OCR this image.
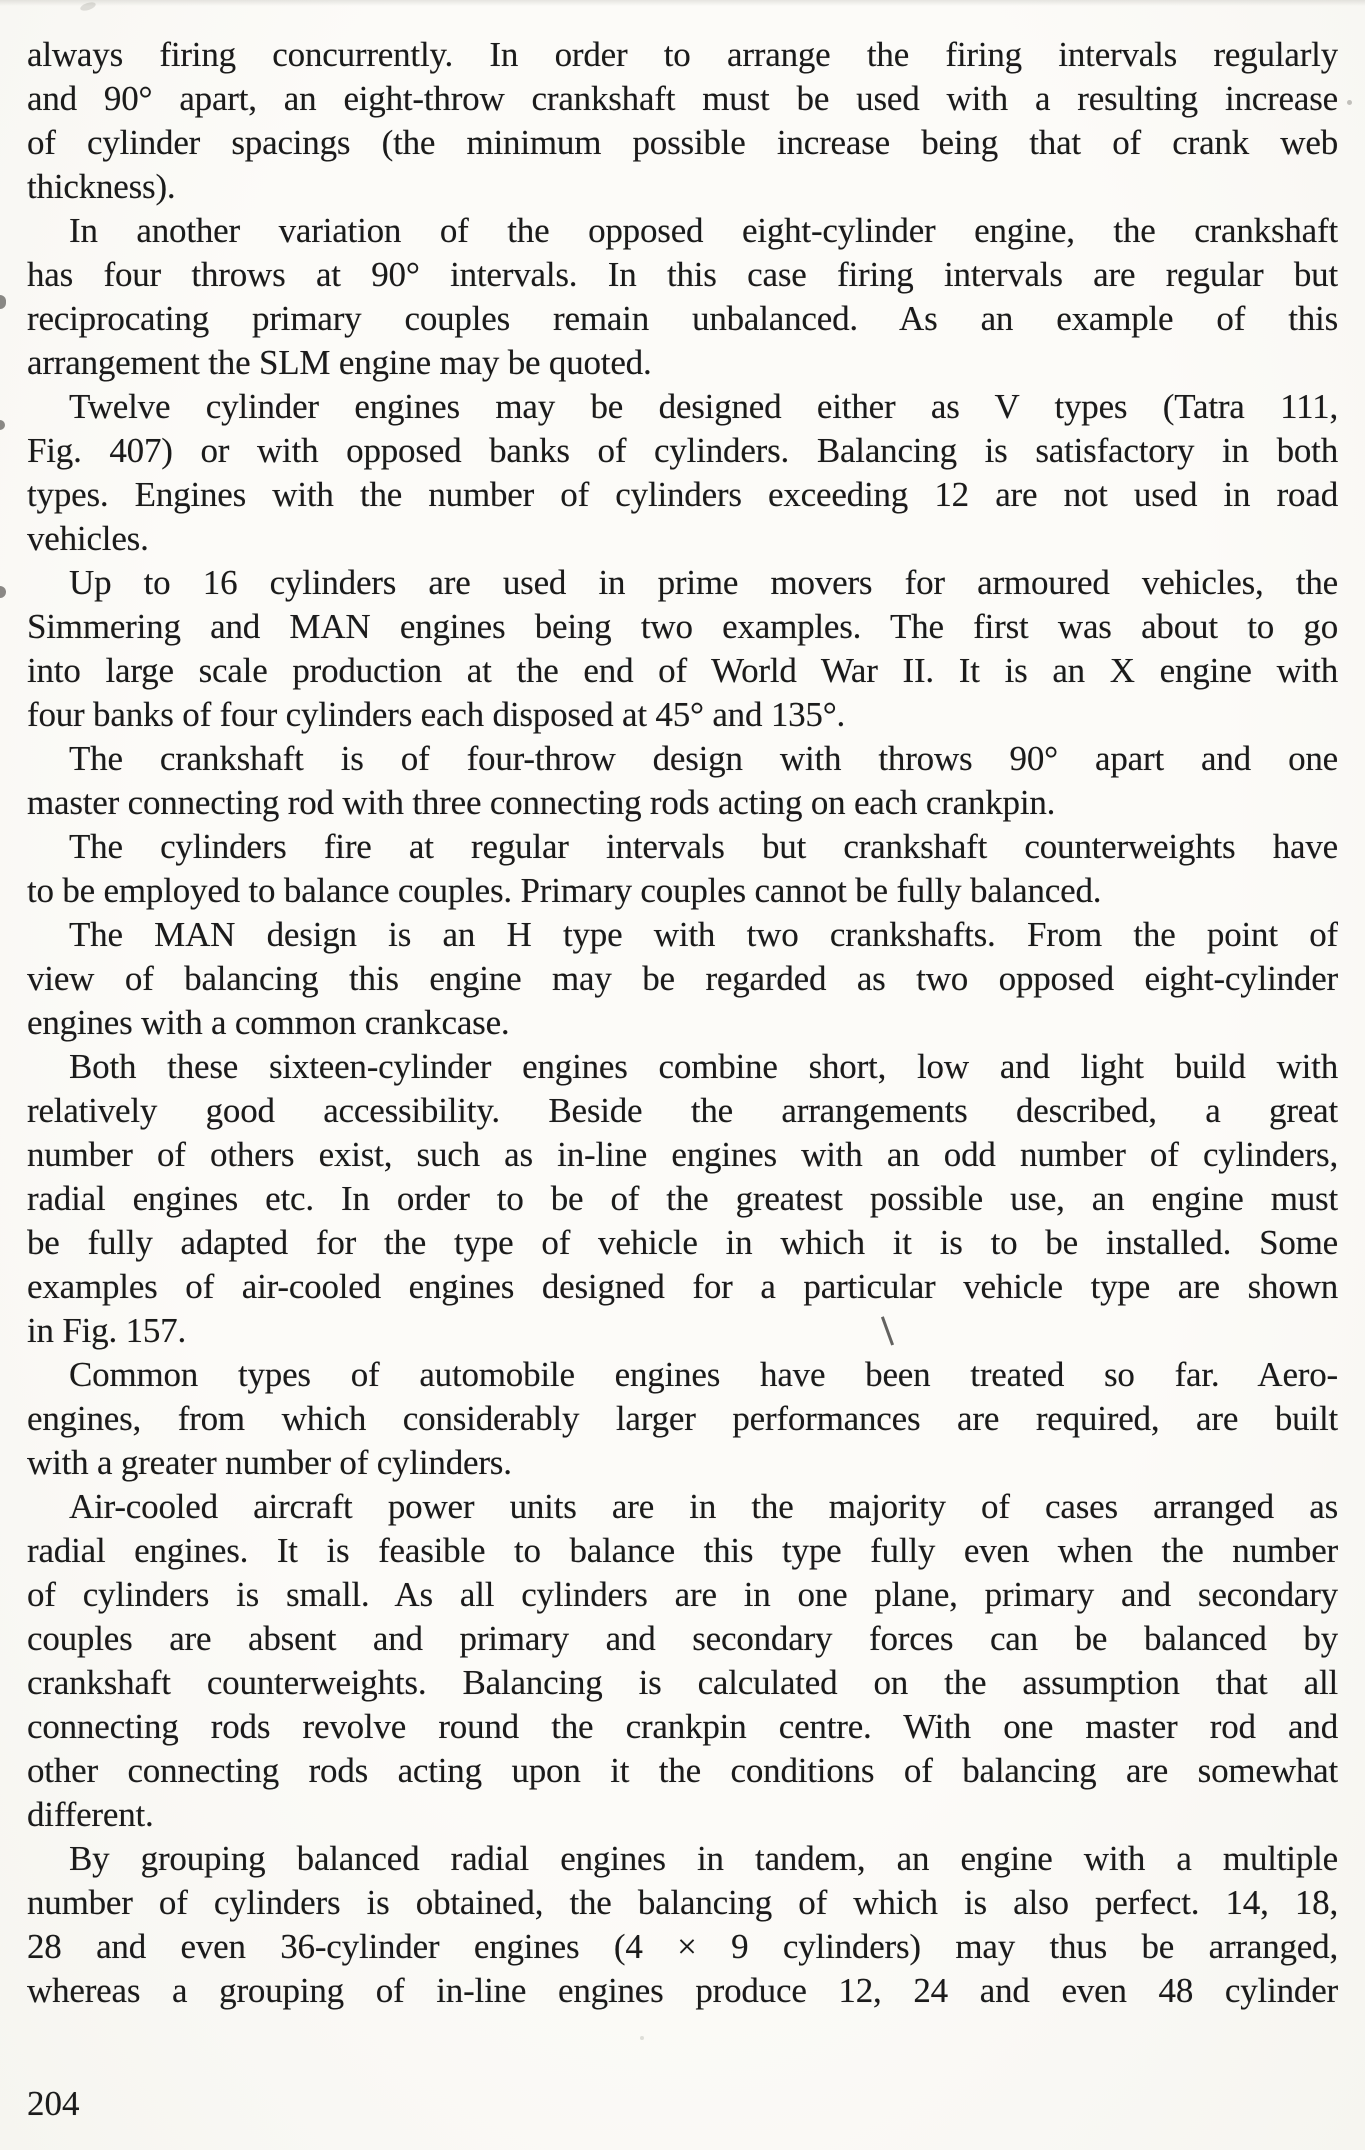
always firing concurrently. In order to arrange the firing intervals regularly
and 90° apart, an eight-throw crankshaft must be used with a resulting increase
of cylinder spacings (the minimum possible increase being that of crank web
thickness).
In another variation of the opposed eight-cylinder engine, the crankshaft
has four throws at 90° intervals. In this case firing intervals are regular but
reciprocating primary couples remain unbalanced. As an example of this
arrangement the SLM engine may be quoted.
Twelve cylinder engines may be designed either as V types (Tatra 111,
Fig. 407) or with opposed banks of cylinders. Balancing is satisfactory in both
types. Engines with the number of cylinders exceeding 12 are not used in road
vehicles.
Up to 16 cylinders are used in prime movers for armoured vehicles, the
Simmering and MAN engines being two examples. The first was about to go
into large scale production at the end of World War II. It is an X engine with
four banks of four cylinders each disposed at 45° and 135°.
The crankshaft is of four-throw design with throws 90° apart and one
master connecting rod with three connecting rods acting on each crankpin.
The cylinders fire at regular intervals but crankshaft counterweights have
to be employed to balance couples. Primary couples cannot be fully balanced.
The MAN design is an H type with two crankshafts. From the point of
view of balancing this engine may be regarded as two opposed eight-cylinder
engines with a common crankcase.
Both these sixteen-cylinder engines combine short, low and light build with
relatively good accessibility. Beside the arrangements described, a great
number of others exist, such as in-line engines with an odd number of cylinders,
radial engines etc. In order to be of the greatest possible use, an engine must
be fully adapted for the type of vehicle in which it is to be installed. Some
examples of air-cooled engines designed for a particular vehicle type are shown
in Fig. 157.
Common types of automobile engines have been treated so far. Aero-
engines, from which considerably larger performances are required, are built
with a greater number of cylinders.
Air-cooled aircraft power units are in the majority of cases arranged as
radial engines. It is feasible to balance this type fully even when the number
of cylinders is small. As all cylinders are in one plane, primary and secondary
couples are absent and primary and secondary forces can be balanced by
crankshaft counterweights. Balancing is calculated on the assumption that all
connecting rods revolve round the crankpin centre. With one master rod and
other connecting rods acting upon it the conditions of balancing are somewhat
different.
By grouping balanced radial engines in tandem, an engine with a multiple
number of cylinders is obtained, the balancing of which is also perfect. 14, 18,
28 and even 36-cylinder engines (4 × 9 cylinders) may thus be arranged,
whereas a grouping of in-line engines produce 12, 24 and even 48 cylinder
204
